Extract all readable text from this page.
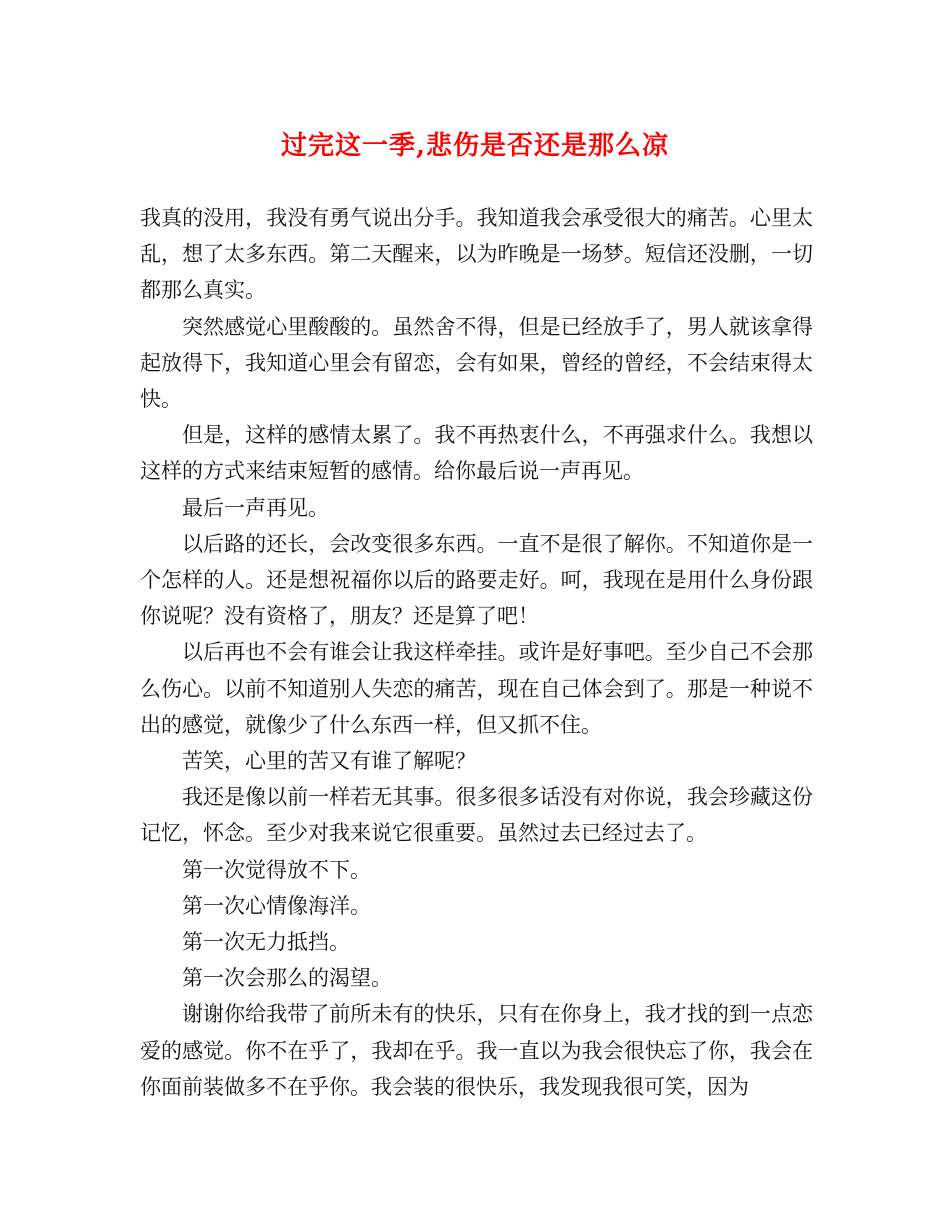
过完这一季,悲伤是否还是那么凉

我真的没用，我没有勇气说出分手。我知道我会承受很大的痛苦。心里太乱，想了太多东西。第二天醒来，以为昨晚是一场梦。短信还没删，一切都那么真实。

突然感觉心里酸酸的。虽然舍不得，但是已经放手了，男人就该拿得起放得下，我知道心里会有留恋，会有如果，曾经的曾经，不会结束得太快。

但是，这样的感情太累了。我不再热衷什么，不再强求什么。我想以这样的方式来结束短暂的感情。给你最后说一声再见。

最后一声再见。

以后路的还长，会改变很多东西。一直不是很了解你。不知道你是一个怎样的人。还是想祝福你以后的路要走好。呵，我现在是用什么身份跟你说呢？没有资格了，朋友？还是算了吧！

以后再也不会有谁会让我这样牵挂。或许是好事吧。至少自己不会那么伤心。以前不知道别人失恋的痛苦，现在自己体会到了。那是一种说不出的感觉，就像少了什么东西一样，但又抓不住。

苦笑，心里的苦又有谁了解呢？

我还是像以前一样若无其事。很多很多话没有对你说，我会珍藏这份记忆，怀念。至少对我来说它很重要。虽然过去已经过去了。

第一次觉得放不下。

第一次心情像海洋。

第一次无力抵挡。

第一次会那么的渴望。

谢谢你给我带了前所未有的快乐，只有在你身上，我才找的到一点恋爱的感觉。你不在乎了，我却在乎。我一直以为我会很快忘了你，我会在你面前装做多不在乎你。我会装的很快乐，我发现我很可笑，因为
